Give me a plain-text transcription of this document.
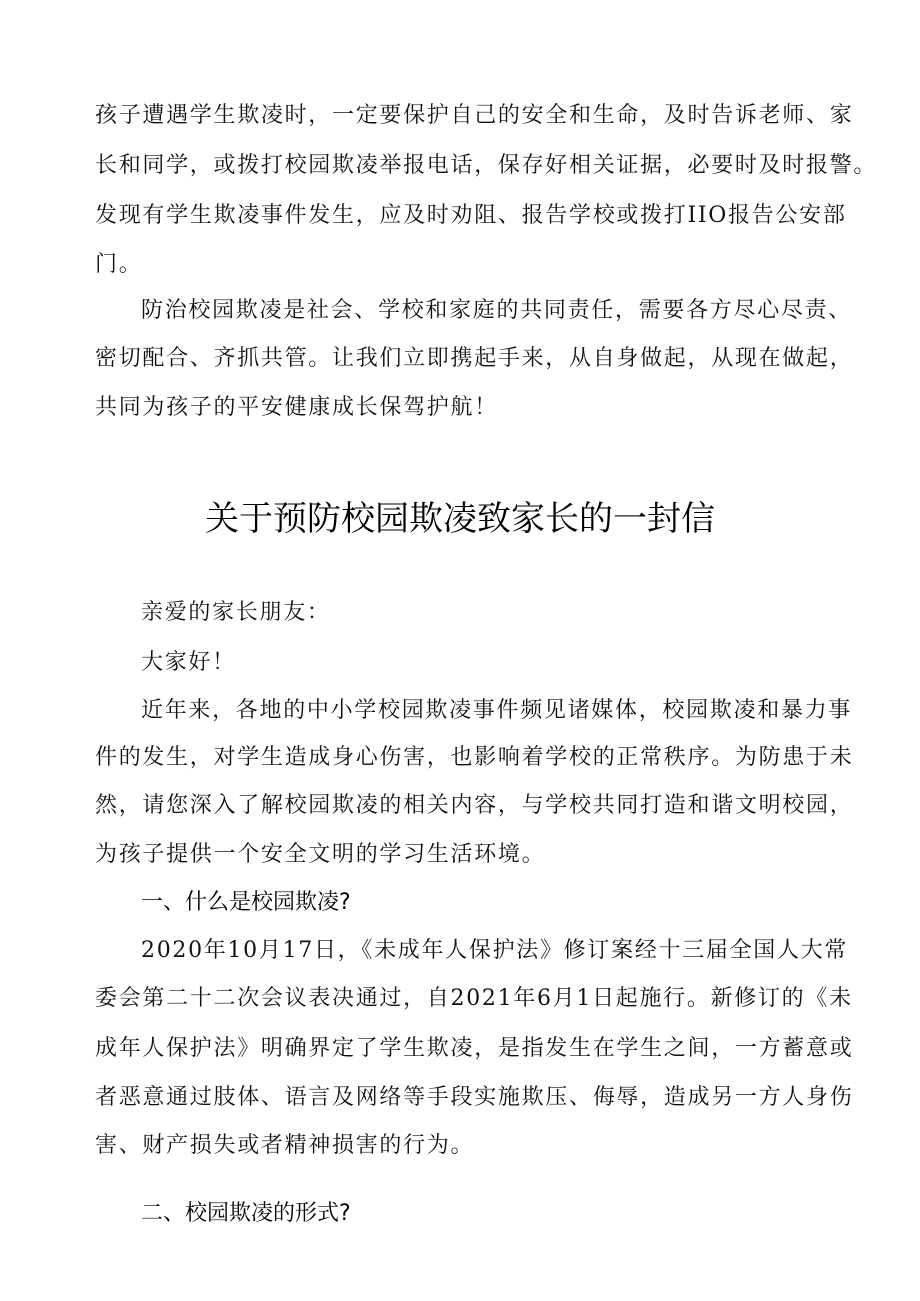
孩子遭遇学生欺凌时，一定要保护自己的安全和生命，及时告诉老师、家
长和同学，或拨打校园欺凌举报电话，保存好相关证据，必要时及时报警。
发现有学生欺凌事件发生，应及时劝阻、报告学校或拨打IIO报告公安部
门。
防治校园欺凌是社会、学校和家庭的共同责任，需要各方尽心尽责、
密切配合、齐抓共管。让我们立即携起手来，从自身做起，从现在做起，
共同为孩子的平安健康成长保驾护航！
关于预防校园欺凌致家长的一封信
亲爱的家长朋友：
大家好！
近年来，各地的中小学校园欺凌事件频见诸媒体，校园欺凌和暴力事
件的发生，对学生造成身心伤害，也影响着学校的正常秩序。为防患于未
然，请您深入了解校园欺凌的相关内容，与学校共同打造和谐文明校园，
为孩子提供一个安全文明的学习生活环境。
一、什么是校园欺凌?
2020年10月17日，《未成年人保护法》修订案经十三届全国人大常
委会第二十二次会议表决通过，自2021年6月1日起施行。新修订的《未
成年人保护法》明确界定了学生欺凌，是指发生在学生之间，一方蓄意或
者恶意通过肢体、语言及网络等手段实施欺压、侮辱，造成另一方人身伤
害、财产损失或者精神损害的行为。
二、校园欺凌的形式?
